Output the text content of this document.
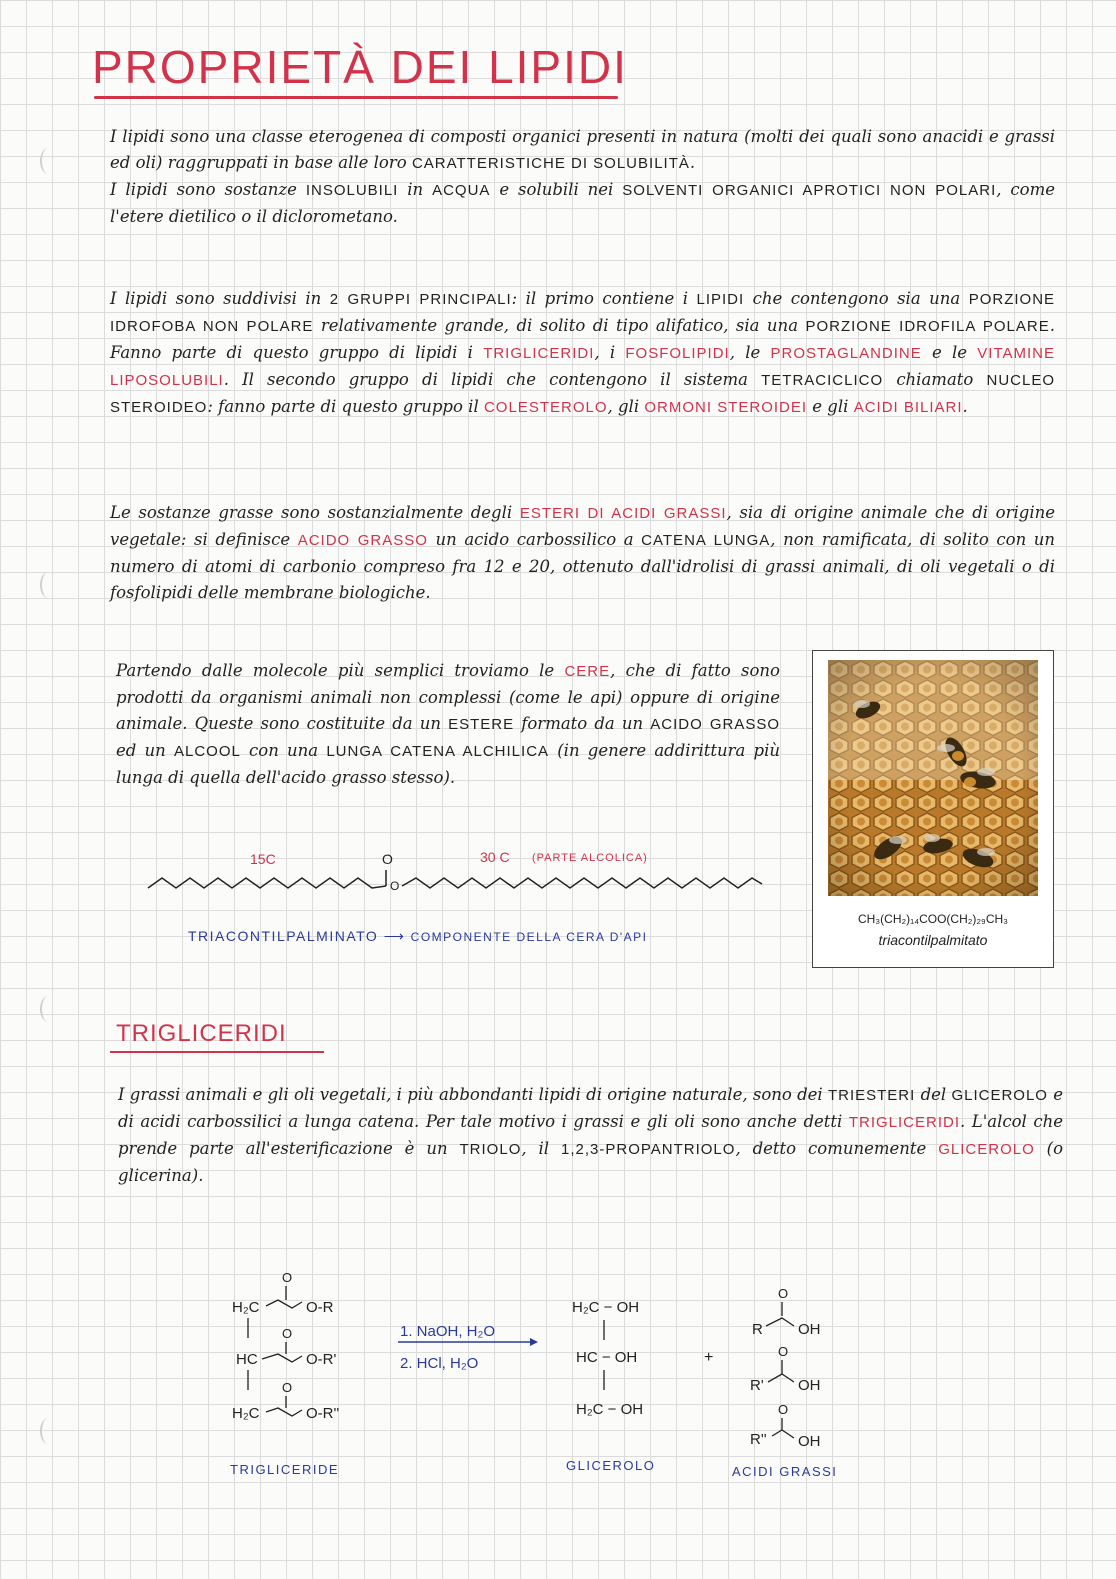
PROPRIETÀ DEI LIPIDI
I lipidi sono una classe eterogenea di composti organici presenti in natura (molti dei quali sono anacidi e grassi ed oli) raggruppati in base alle loro CARATTERISTICHE DI SOLUBILITÀ.
I lipidi sono sostanze INSOLUBILI in ACQUA e solubili nei SOLVENTI ORGANICI APROTICI NON POLARI, come l'etere dietilico o il diclorometano.
I lipidi sono suddivisi in 2 GRUPPI PRINCIPALI: il primo contiene i LIPIDI che contengono sia una PORZIONE IDROFOBA NON POLARE relativamente grande, di solito di tipo alifatico, sia una PORZIONE IDROFILA POLARE. Fanno parte di questo gruppo di lipidi i TRIGLICERIDI, i FOSFOLIPIDI, le PROSTAGLANDINE e le VITAMINE LIPOSOLUBILI. Il secondo gruppo di lipidi che contengono il sistema TETRACICLICO chiamato NUCLEO STEROIDEO: fanno parte di questo gruppo il COLESTEROLO, gli ORMONI STEROIDEI e gli ACIDI BILIARI.
Le sostanze grasse sono sostanzialmente degli ESTERI DI ACIDI GRASSI, sia di origine animale che di origine vegetale: si definisce ACIDO GRASSO un acido carbossilico a CATENA LUNGA, non ramificata, di solito con un numero di atomi di carbonio compreso fra 12 e 20, ottenuto dall'idrolisi di grassi animali, di oli vegetali o di fosfolipidi delle membrane biologiche.
Partendo dalle molecole più semplici troviamo le CERE, che di fatto sono prodotti da organismi animali non complessi (come le api) oppure di origine animale. Queste sono costituite da un ESTERE formato da un ACIDO GRASSO ed un ALCOOL con una LUNGA CATENA ALCHILICA (in genere addirittura più lunga di quella dell'acido grasso stesso).
15C	O	30 C (PARTE ALCOLICA)
O
TRIACONTILPALMINATO ⟶ COMPONENTE DELLA CERA D'API
CH₃(CH₂)₁₄COO(CH₂)₂₉CH₃
triacontilpalmitato
TRIGLICERIDI
I grassi animali e gli oli vegetali, i più abbondanti lipidi di origine naturale, sono dei TRIESTERI del GLICEROLO e di acidi carbossilici a lunga catena. Per tale motivo i grassi e gli oli sono anche detti TRIGLICERIDI. L'alcol che prende parte all'esterificazione è un TRIOLO, il 1,2,3-PROPANTRIOLO, detto comunemente GLICEROLO (o glicerina).
O
H₂C	O-R
O
HC	O-R'
O
H₂C	O-R''
1. NaOH, H₂O
2. HCl, H₂O
H₂C − OH
HC − OH
H₂C − OH
+
O
R OH
O
R' OH
O
R'' OH
TRIGLICERIDE	GLICEROLO	ACIDI GRASSI
